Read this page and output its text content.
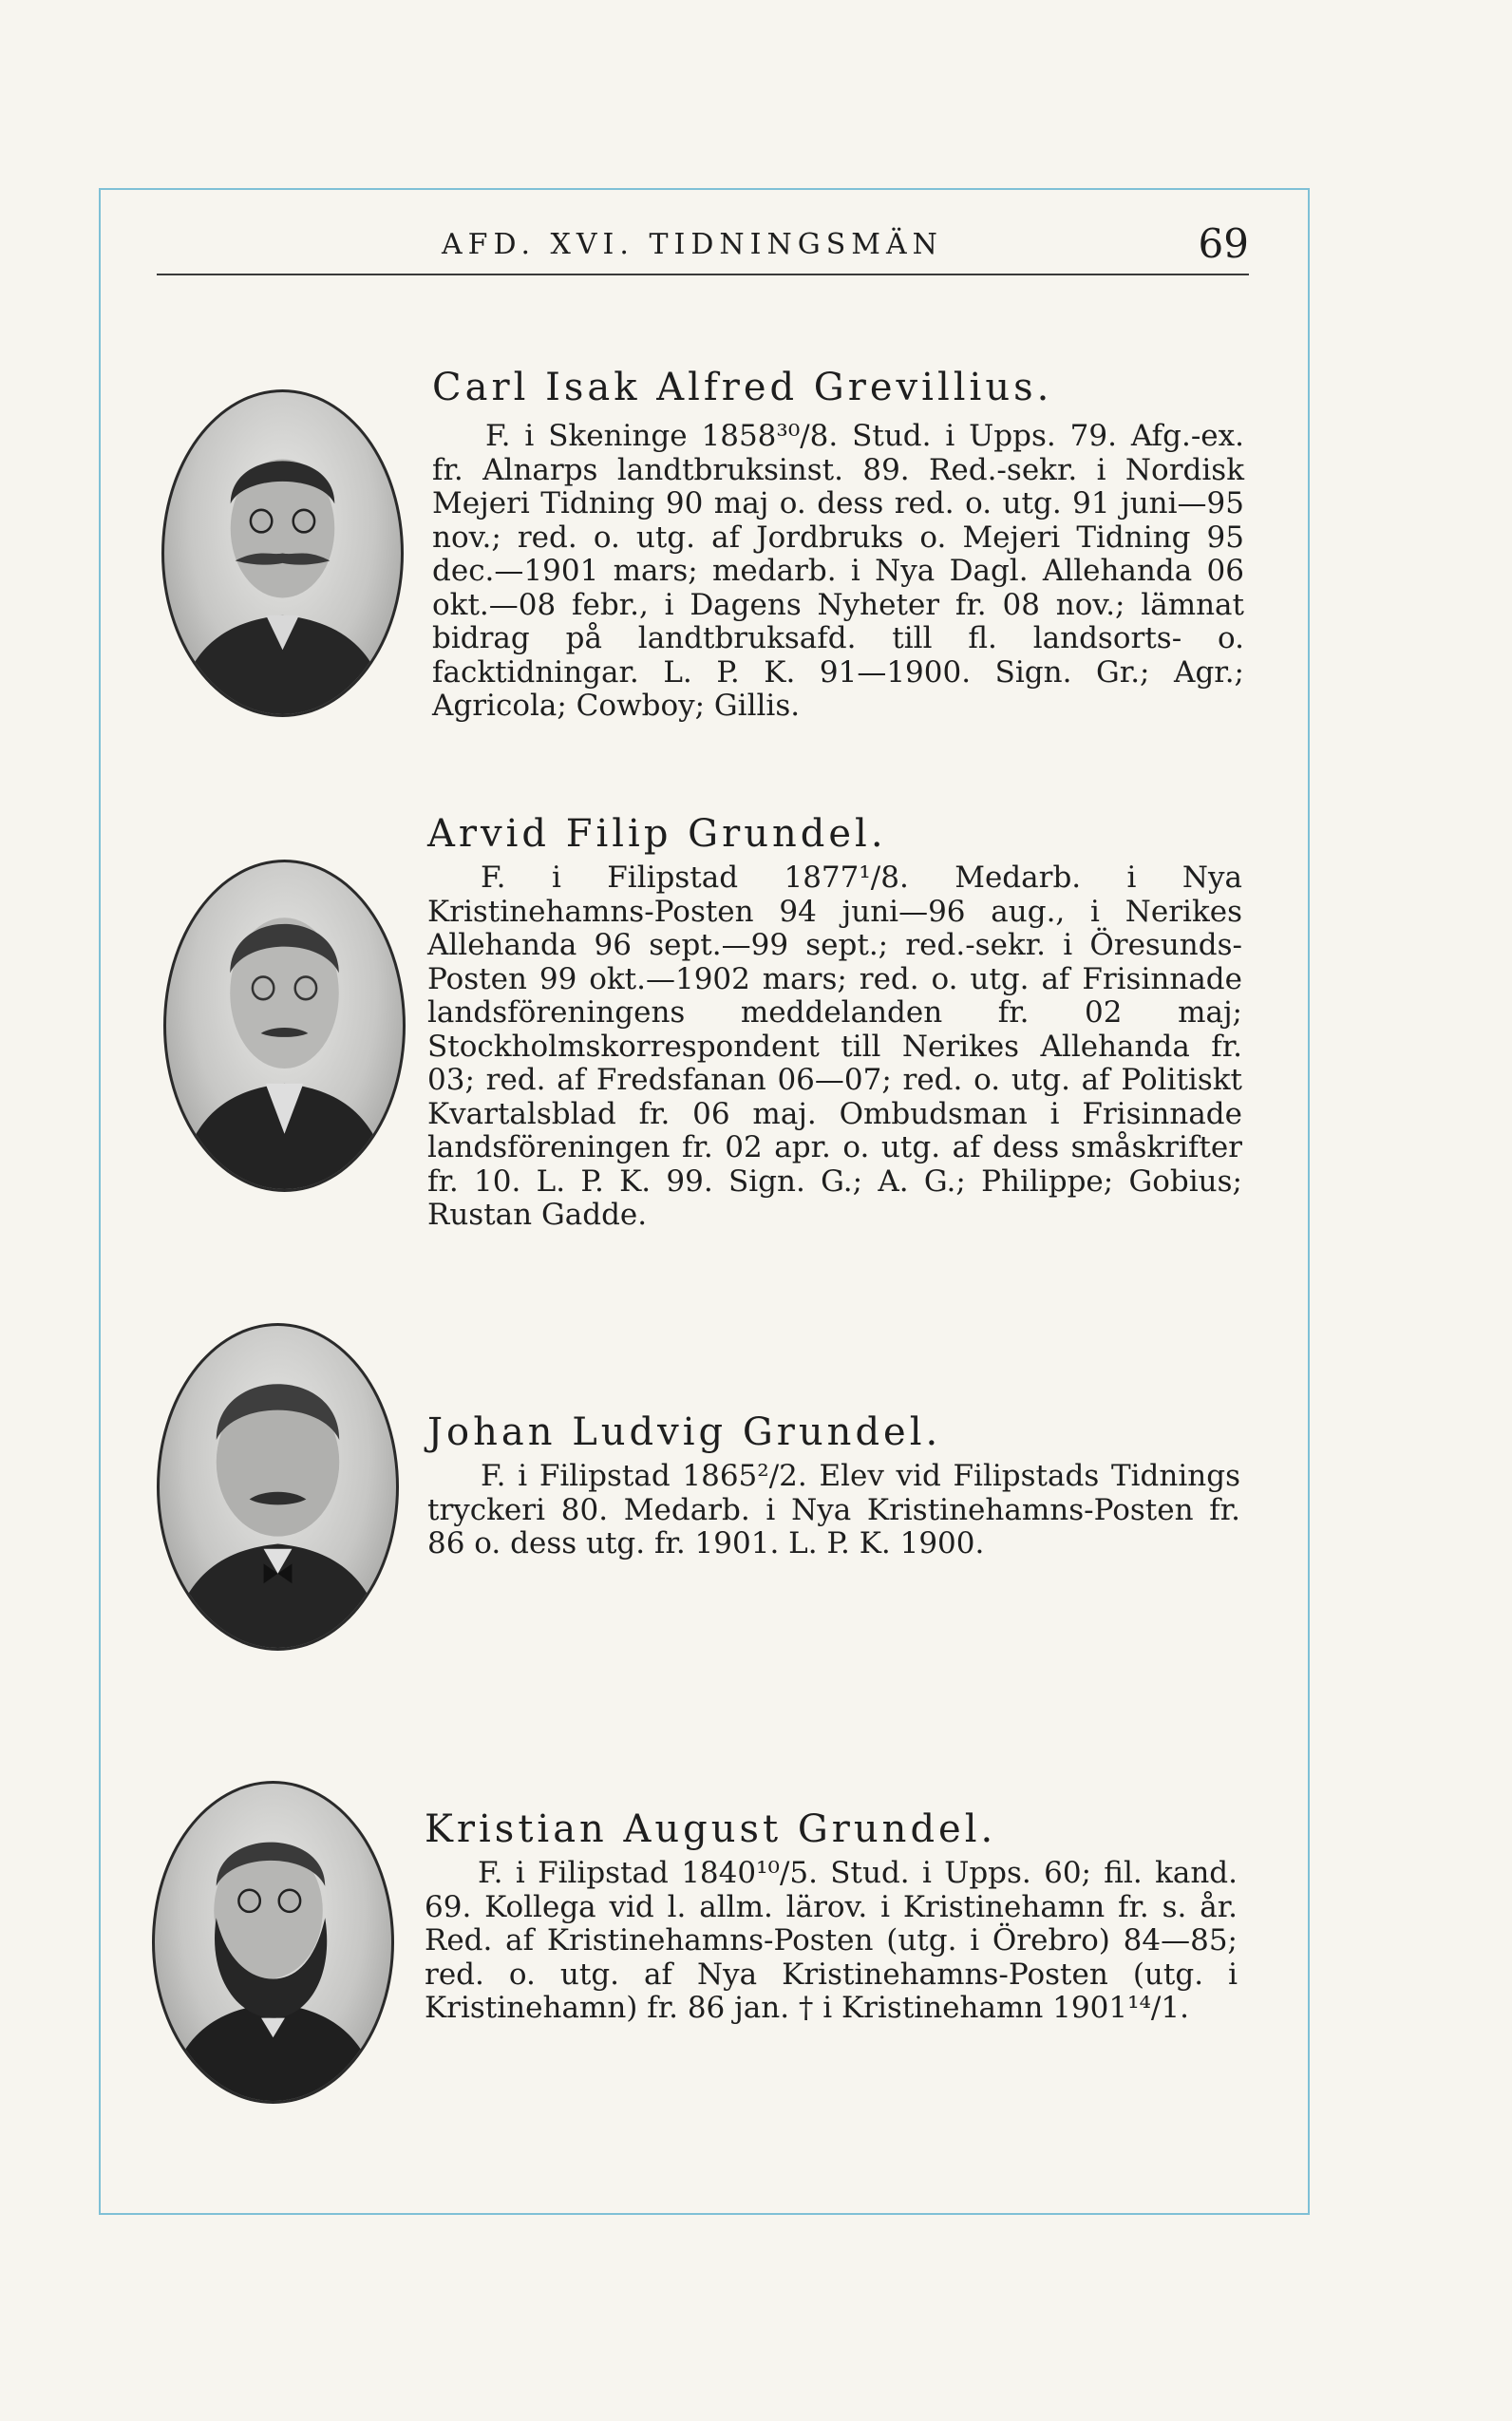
AFD. XVI. TIDNINGSMÄN	69
Carl Isak Alfred Grevillius.
F. i Skeninge 1858³⁰/8. Stud. i Upps. 79. Afg.-ex. fr. Alnarps landtbruksinst. 89. Red.-sekr. i Nordisk Mejeri Tidning 90 maj o. dess red. o. utg. 91 juni—95 nov.; red. o. utg. af Jordbruks o. Mejeri Tidning 95 dec.—1901 mars; medarb. i Nya Dagl. Allehanda 06 okt.—08 febr., i Dagens Nyheter fr. 08 nov.; lämnat bidrag på landtbruksafd. till fl. landsorts- o. facktidningar. L. P. K. 91—1900. Sign. Gr.; Agr.; Agricola; Cowboy; Gillis.
Arvid Filip Grundel.
F. i Filipstad 1877¹/8. Medarb. i Nya Kristinehamns-Posten 94 juni—96 aug., i Nerikes Allehanda 96 sept.—99 sept.; red.-sekr. i Öresunds-Posten 99 okt.—1902 mars; red. o. utg. af Frisinnade landsföreningens meddelanden fr. 02 maj; Stockholmskorrespondent till Nerikes Allehanda fr. 03; red. af Fredsfanan 06—07; red. o. utg. af Politiskt Kvartalsblad fr. 06 maj. Ombudsman i Frisinnade landsföreningen fr. 02 apr. o. utg. af dess småskrifter fr. 10. L. P. K. 99. Sign. G.; A. G.; Philippe; Gobius; Rustan Gadde.
Johan Ludvig Grundel.
F. i Filipstad 1865²/2. Elev vid Filipstads Tidnings tryckeri 80. Medarb. i Nya Kristinehamns-Posten fr. 86 o. dess utg. fr. 1901. L. P. K. 1900.
Kristian August Grundel.
F. i Filipstad 1840¹⁰/5. Stud. i Upps. 60; fil. kand. 69. Kollega vid l. allm. lärov. i Kristinehamn fr. s. år. Red. af Kristinehamns-Posten (utg. i Örebro) 84—85; red. o. utg. af Nya Kristinehamns-Posten (utg. i Kristinehamn) fr. 86 jan. † i Kristinehamn 1901¹⁴/1.
